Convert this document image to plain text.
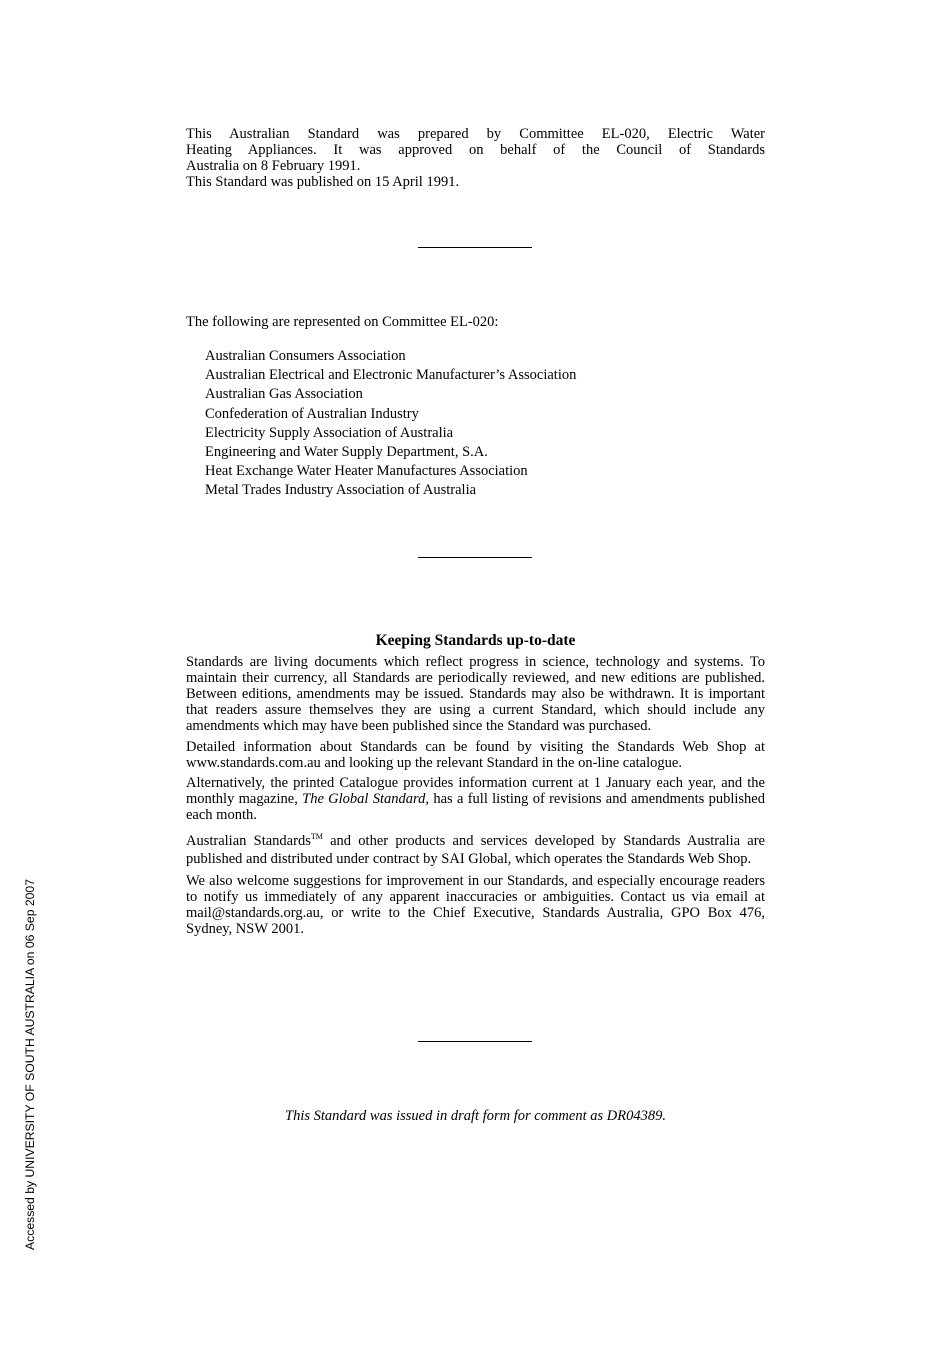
This Australian Standard was prepared by Committee EL-020, Electric Water
Heating Appliances. It was approved on behalf of the Council of Standards
Australia on 8 February 1991.
This Standard was published on 15 April 1991.
The following are represented on Committee EL-020:
Australian Consumers Association
Australian Electrical and Electronic Manufacturer’s Association
Australian Gas Association
Confederation of Australian Industry
Electricity Supply Association of Australia
Engineering and Water Supply Department, S.A.
Heat Exchange Water Heater Manufactures Association
Metal Trades Industry Association of Australia
Keeping Standards up-to-date

Standards are living documents which reflect progress in science, technology and systems. To maintain their currency, all Standards are periodically reviewed, and new editions are published. Between editions, amendments may be issued. Standards may also be withdrawn. It is important that readers assure themselves they are using a current Standard, which should include any amendments which may have been published since the Standard was purchased.

Detailed information about Standards can be found by visiting the Standards Web Shop at www.standards.com.au and looking up the relevant Standard in the on-line catalogue.

Alternatively, the printed Catalogue provides information current at 1 January each year, and the monthly magazine, The Global Standard, has a full listing of revisions and amendments published each month.

Australian Standards™ and other products and services developed by Standards Australia are published and distributed under contract by SAI Global, which operates the Standards Web Shop.

We also welcome suggestions for improvement in our Standards, and especially encourage readers to notify us immediately of any apparent inaccuracies or ambiguities. Contact us via email at mail@standards.org.au, or write to the Chief Executive, Standards Australia, GPO Box 476, Sydney, NSW 2001.

This Standard was issued in draft form for comment as DR04389.
Accessed by UNIVERSITY OF SOUTH AUSTRALIA on 06 Sep 2007
